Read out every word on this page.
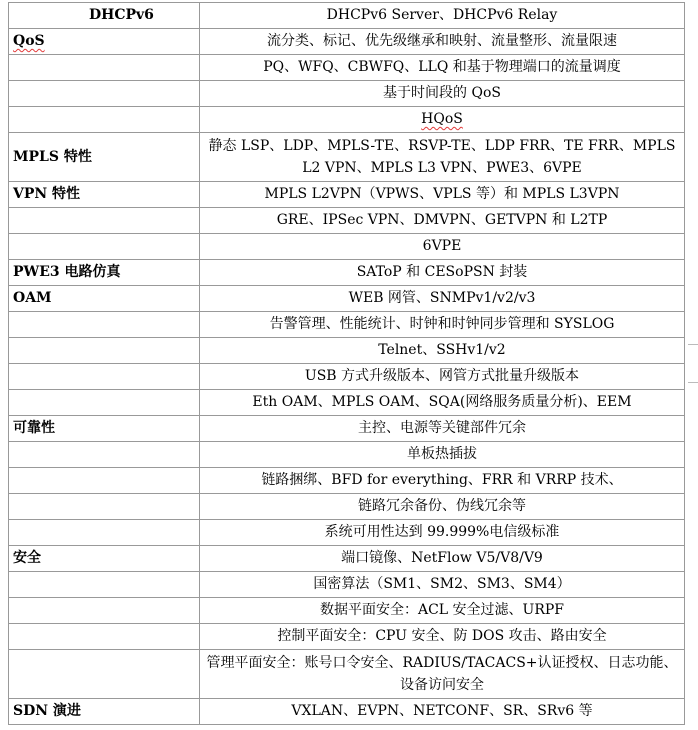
DHCPv6	DHCPv6 Server、DHCPv6 Relay
QoS	流分类、标记、优先级继承和映射、流量整形、流量限速
	PQ、WFQ、CBWFQ、LLQ 和基于物理端口的流量调度
	基于时间段的 QoS
	HQoS
MPLS 特性	静态 LSP、LDP、MPLS-TE、RSVP-TE、LDP FRR、TE FRR、MPLS L2 VPN、MPLS L3 VPN、PWE3、6VPE
VPN 特性	MPLS L2VPN（VPWS、VPLS 等）和 MPLS L3VPN
	GRE、IPSec VPN、DMVPN、GETVPN 和 L2TP
	6VPE
PWE3 电路仿真	SAToP 和 CESoPSN 封装
OAM	WEB 网管、SNMPv1/v2/v3
	告警管理、性能统计、时钟和时钟同步管理和 SYSLOG
	Telnet、SSHv1/v2
	USB 方式升级版本、网管方式批量升级版本
	Eth OAM、MPLS OAM、SQA(网络服务质量分析)、EEM
可靠性	主控、电源等关键部件冗余
	单板热插拔
	链路捆绑、BFD for everything、FRR 和 VRRP 技术、
	链路冗余备份、伪线冗余等
	系统可用性达到 99.999%电信级标准
安全	端口镜像、NetFlow V5/V8/V9
	国密算法（SM1、SM2、SM3、SM4）
	数据平面安全：ACL 安全过滤、URPF
	控制平面安全：CPU 安全、防 DOS 攻击、路由安全
	管理平面安全：账号口令安全、RADIUS/TACACS+认证授权、日志功能、设备访问安全
SDN 演进	VXLAN、EVPN、NETCONF、SR、SRv6 等
